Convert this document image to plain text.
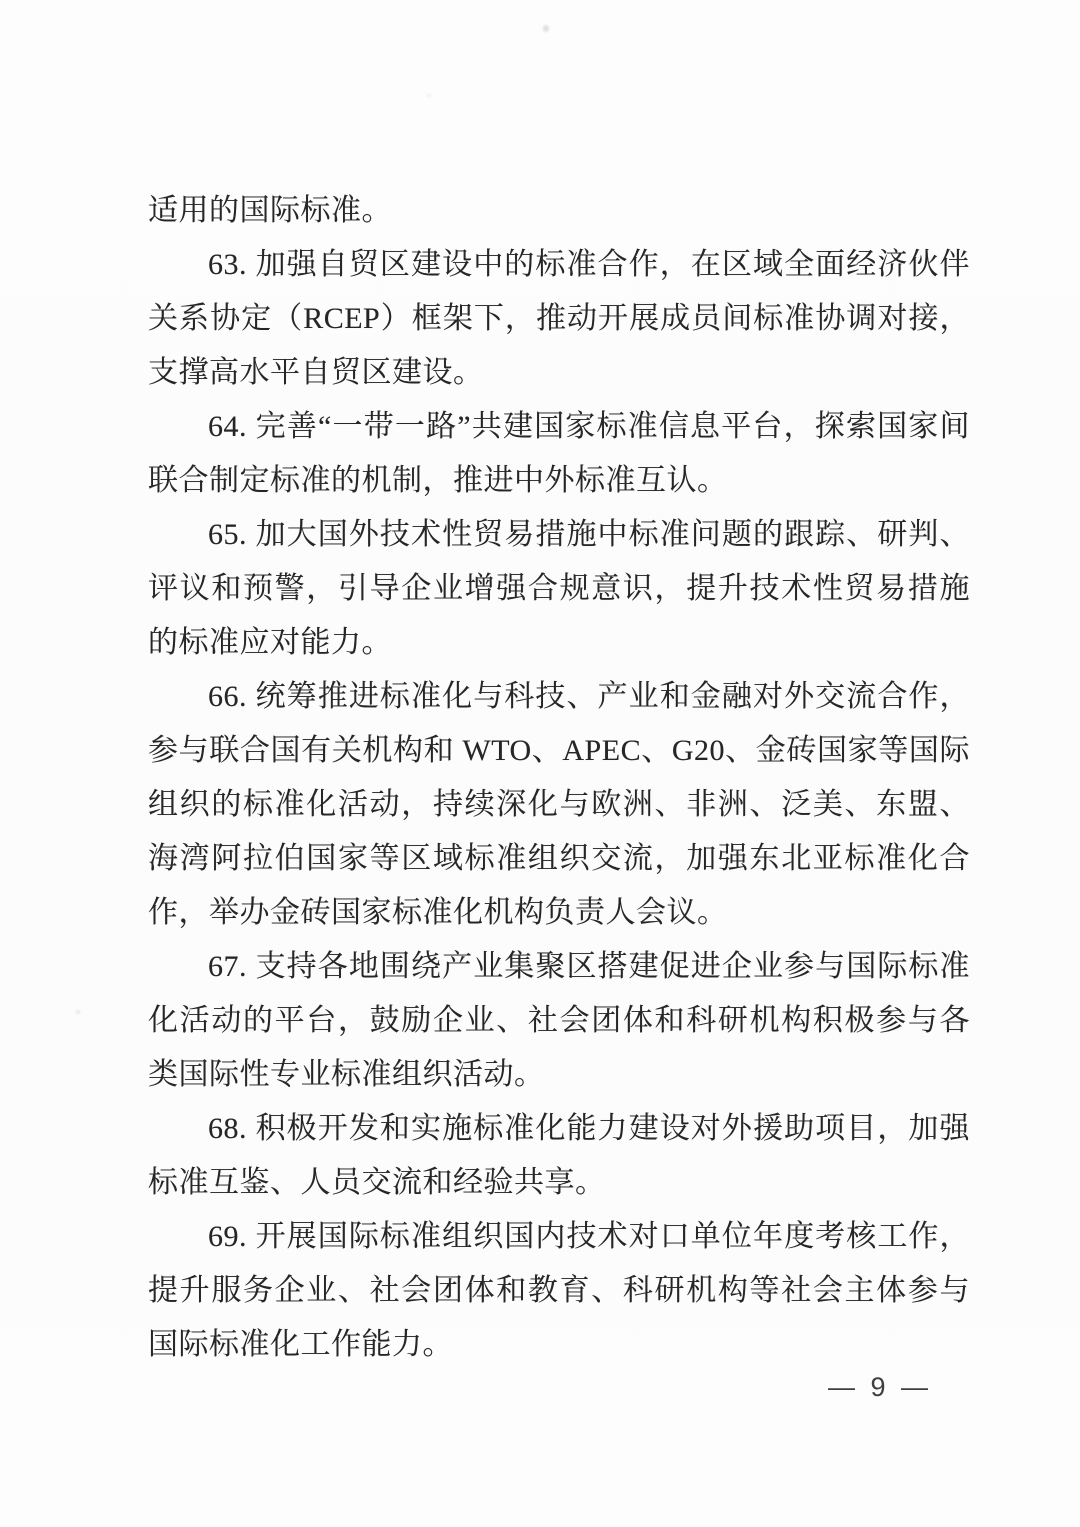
适用的国际标准。

63. 加强自贸区建设中的标准合作，在区域全面经济伙伴关系协定（RCEP）框架下，推动开展成员间标准协调对接，支撑高水平自贸区建设。

64. 完善“一带一路”共建国家标准信息平台，探索国家间联合制定标准的机制，推进中外标准互认。

65. 加大国外技术性贸易措施中标准问题的跟踪、研判、评议和预警，引导企业增强合规意识，提升技术性贸易措施的标准应对能力。

66. 统筹推进标准化与科技、产业和金融对外交流合作，参与联合国有关机构和 WTO、APEC、G20、金砖国家等国际组织的标准化活动，持续深化与欧洲、非洲、泛美、东盟、海湾阿拉伯国家等区域标准组织交流，加强东北亚标准化合作，举办金砖国家标准化机构负责人会议。

67. 支持各地围绕产业集聚区搭建促进企业参与国际标准化活动的平台，鼓励企业、社会团体和科研机构积极参与各类国际性专业标准组织活动。

68. 积极开发和实施标准化能力建设对外援助项目，加强标准互鉴、人员交流和经验共享。

69. 开展国际标准组织国内技术对口单位年度考核工作，提升服务企业、社会团体和教育、科研机构等社会主体参与国际标准化工作能力。

— 9 —
